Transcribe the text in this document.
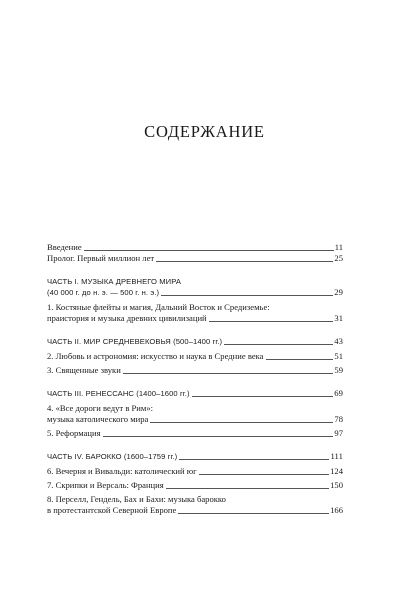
СОДЕРЖАНИЕ
Введение	11
Пролог. Первый миллион лет	25
ЧАСТЬ I. МУЗЫКА ДРЕВНЕГО МИРА
(40 000 г. до н. э. — 500 г. н. э.)	29
1. Костяные флейты и магия, Дальний Восток и Средиземье:
праистория и музыка древних цивилизаций	31
ЧАСТЬ II. МИР СРЕДНЕВЕКОВЬЯ (500–1400 гг.)	43
2. Любовь и астрономия: искусство и наука в Средние века	51
3. Священные звуки	59
ЧАСТЬ III. РЕНЕССАНС (1400–1600 гг.)	69
4. «Все дороги ведут в Рим»:
музыка католического мира	78
5. Реформация	97
ЧАСТЬ IV. БАРОККО (1600–1759 гг.)	111
6. Вечерня и Вивальди: католический юг	124
7. Скрипки и Версаль: Франция	150
8. Перселл, Гендель, Бах и Бахи: музыка барокко
в протестантской Северной Европе	166
